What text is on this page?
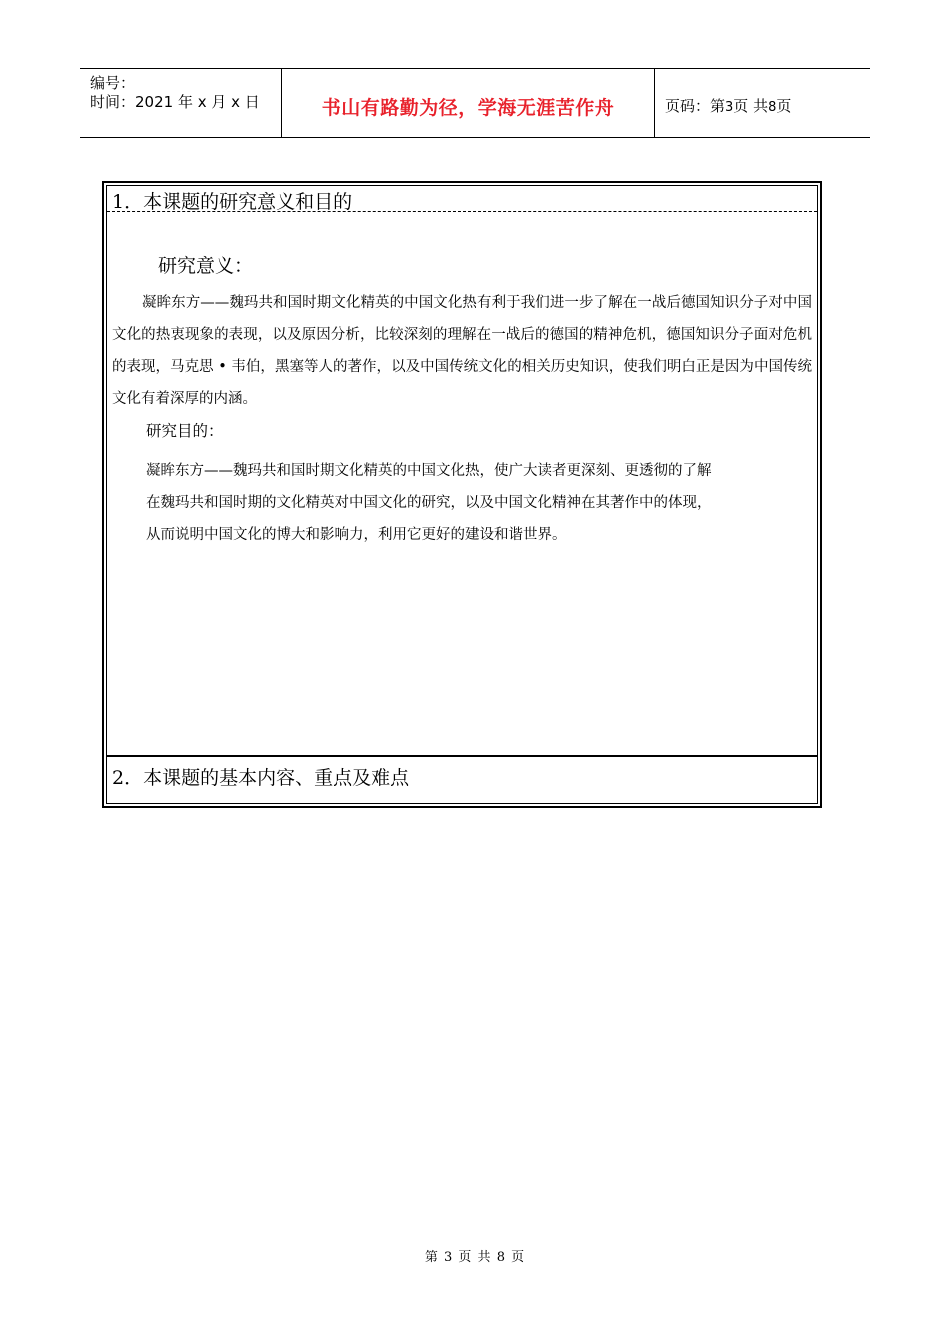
编号：
时间：2021 年 x 月 x 日	书山有路勤为径，学海无涯苦作舟	页码：第3页 共8页
1．本课题的研究意义和目的
研究意义：
凝眸东方——魏玛共和国时期文化精英的中国文化热有利于我们进一步了解在一战后德国知识分子对中国文化的热衷现象的表现，以及原因分析，比较深刻的理解在一战后的德国的精神危机，德国知识分子面对危机的表现，马克思 • 韦伯，黑塞等人的著作，以及中国传统文化的相关历史知识，使我们明白正是因为中国传统文化有着深厚的内涵。
研究目的：
凝眸东方——魏玛共和国时期文化精英的中国文化热，使广大读者更深刻、更透彻的了解
在魏玛共和国时期的文化精英对中国文化的研究，以及中国文化精神在其著作中的体现，
从而说明中国文化的博大和影响力，利用它更好的建设和谐世界。
2．本课题的基本内容、重点及难点
第 3 页 共 8 页
